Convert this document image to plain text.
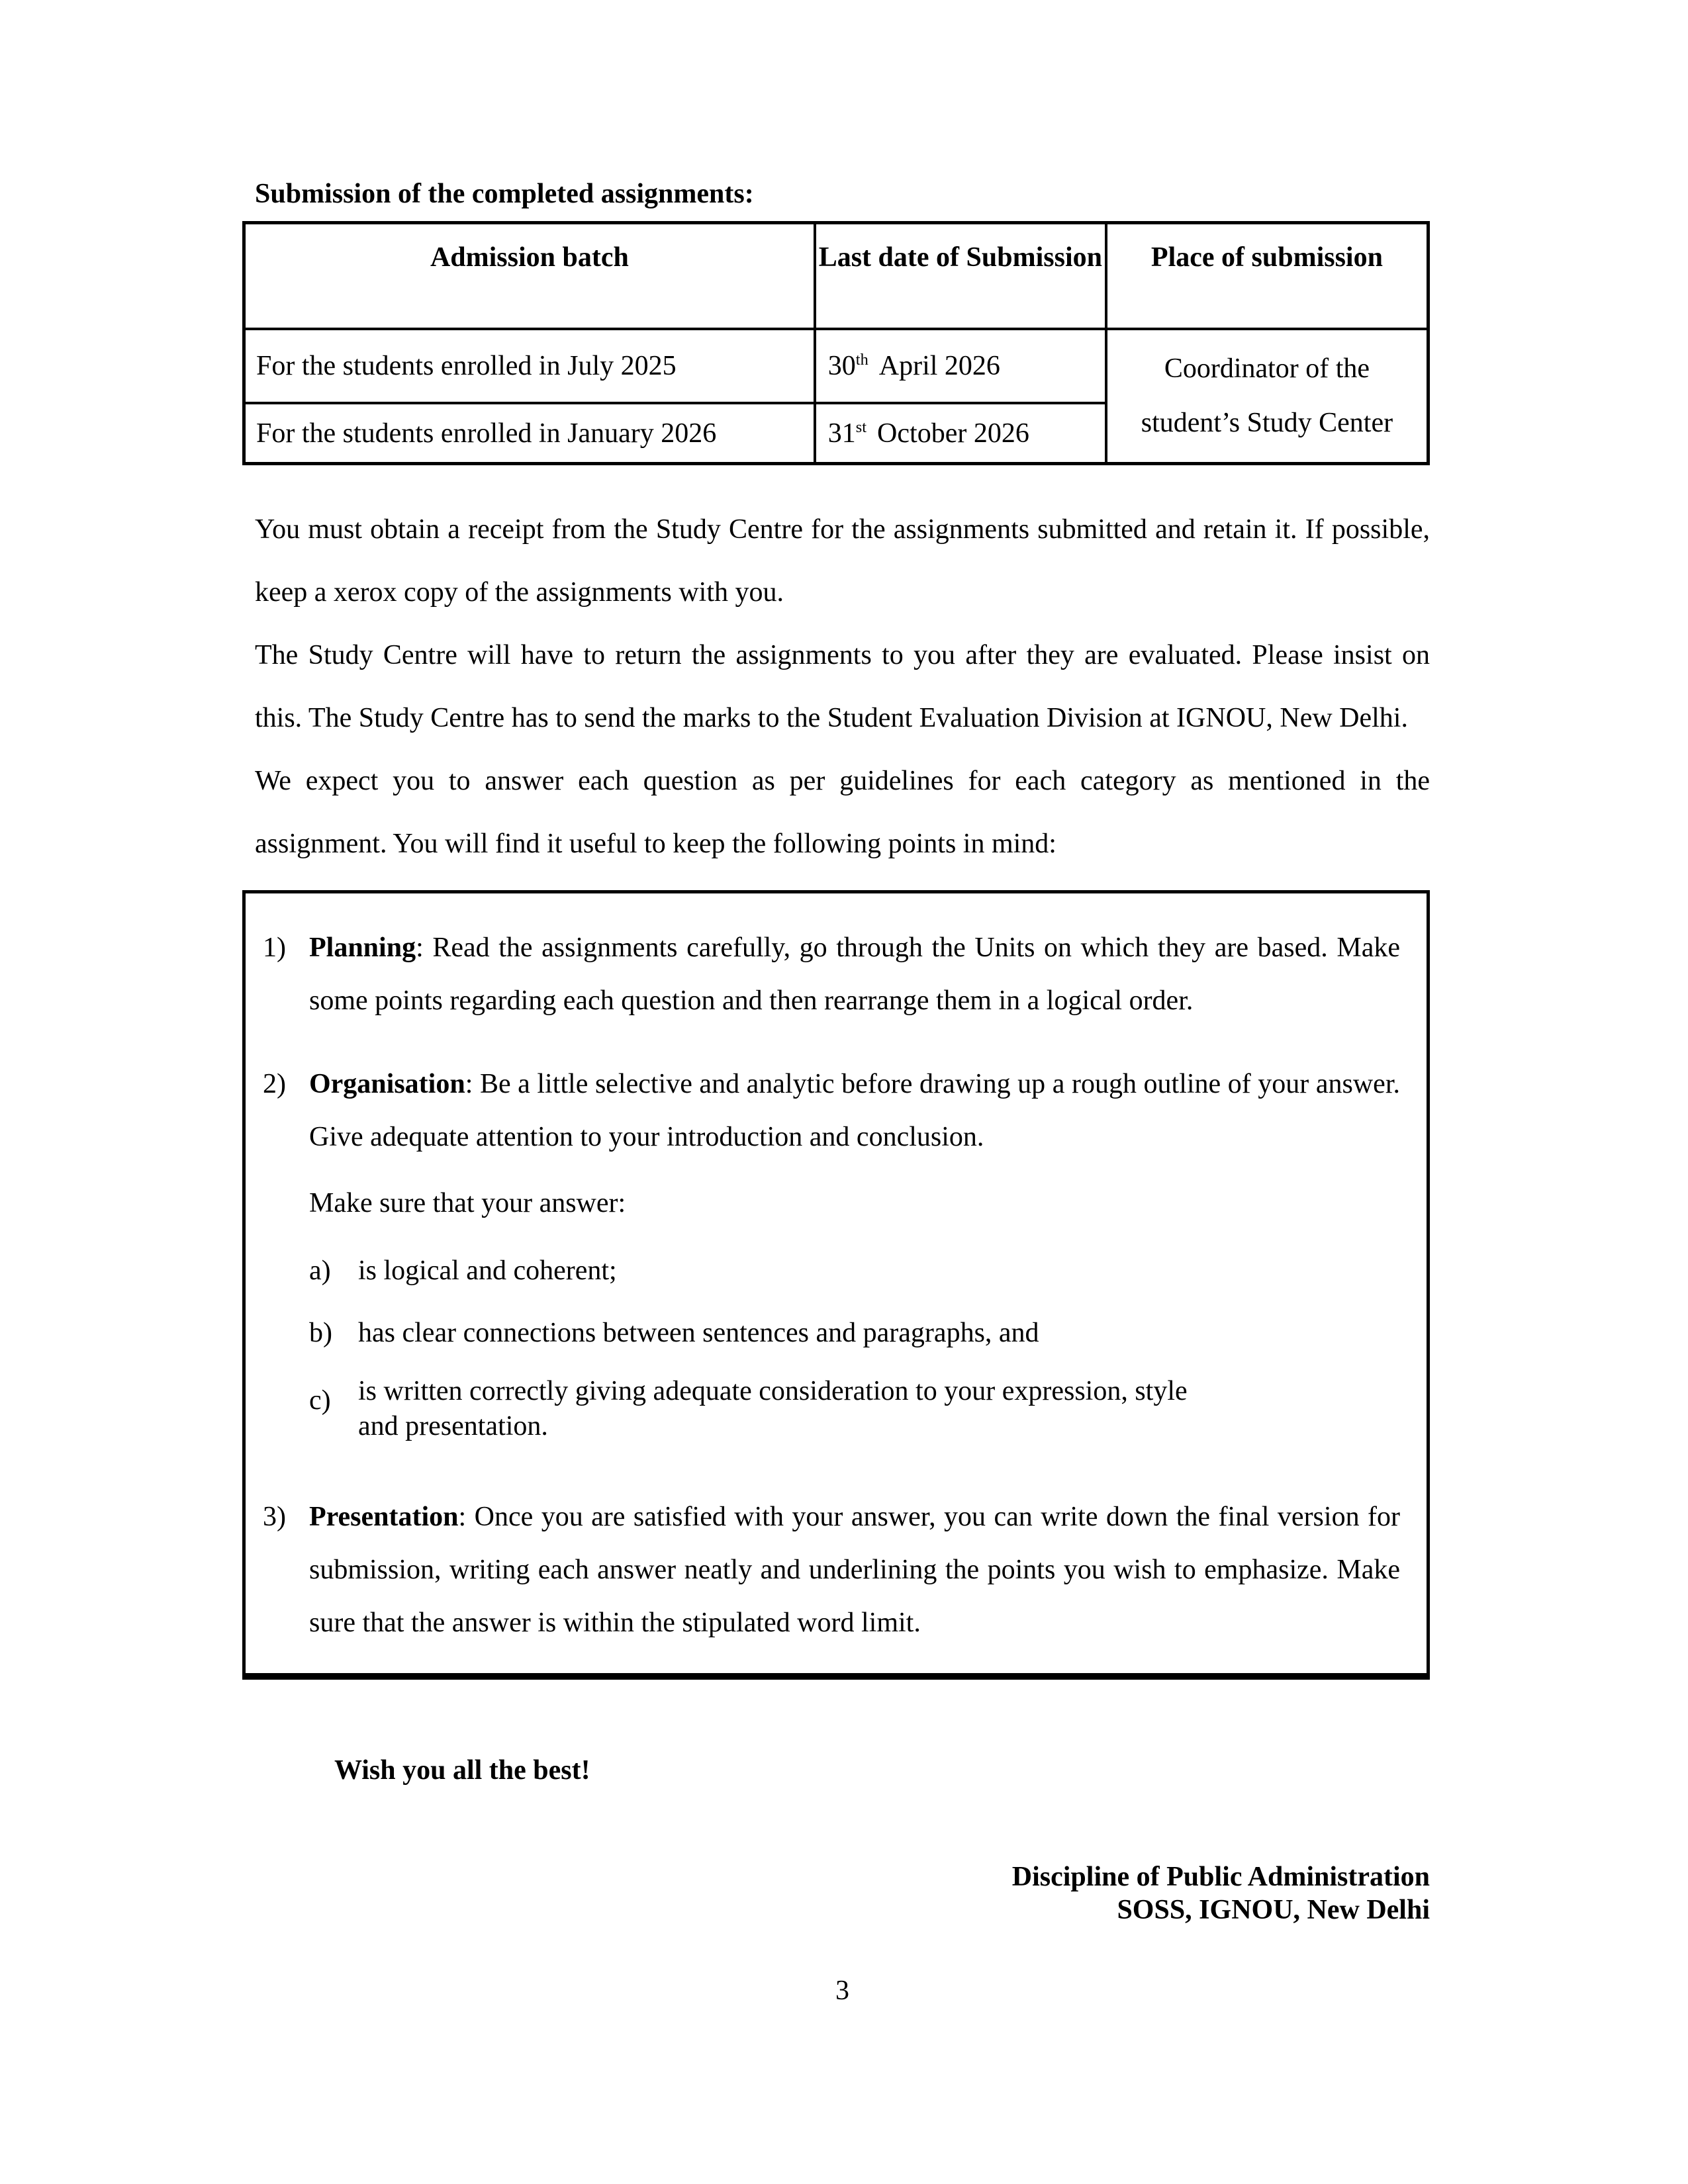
Submission of the completed assignments:
Admission batch	Last date of Submission	Place of submission
For the students enrolled in July 2025	30th April 2026	Coordinator of the student’s Study Center
For the students enrolled in January 2026	31st October 2026	

You must obtain a receipt from the Study Centre for the assignments submitted and retain it. If possible, keep a xerox copy of the assignments with you.

The Study Centre will have to return the assignments to you after they are evaluated. Please insist on this. The Study Centre has to send the marks to the Student Evaluation Division at IGNOU, New Delhi.

We expect you to answer each question as per guidelines for each category as mentioned in the assignment. You will find it useful to keep the following points in mind:

1) Planning: Read the assignments carefully, go through the Units on which they are based. Make some points regarding each question and then rearrange them in a logical order.
2) Organisation: Be a little selective and analytic before drawing up a rough outline of your answer. Give adequate attention to your introduction and conclusion.
Make sure that your answer:
a) is logical and coherent;
b) has clear connections between sentences and paragraphs, and
c) is written correctly giving adequate consideration to your expression, style
and presentation.
3) Presentation: Once you are satisfied with your answer, you can write down the final version for submission, writing each answer neatly and underlining the points you wish to emphasize. Make sure that the answer is within the stipulated word limit.

Wish you all the best!

Discipline of Public Administration
SOSS, IGNOU, New Delhi
3
